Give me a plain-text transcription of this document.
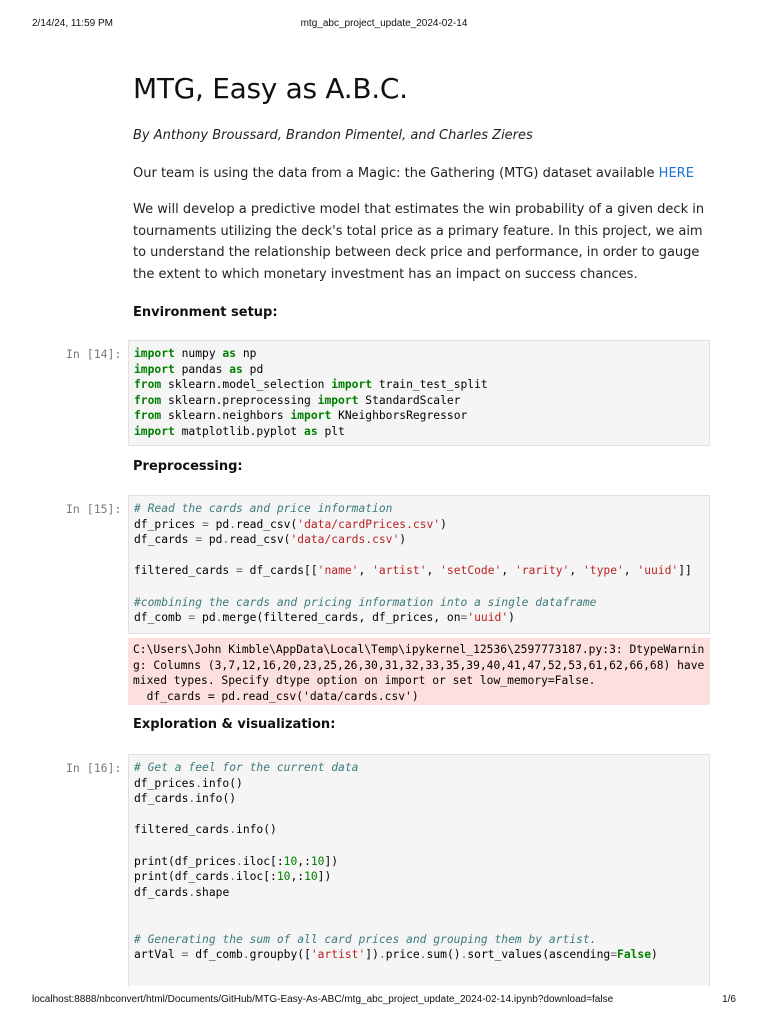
2/14/24, 11:59 PM	mtg_abc_project_update_2024-02-14
MTG, Easy as A.B.C.
By Anthony Broussard, Brandon Pimentel, and Charles Zieres
Our team is using the data from a Magic: the Gathering (MTG) dataset available HERE
We will develop a predictive model that estimates the win probability of a given deck in tournaments utilizing the deck's total price as a primary feature. In this project, we aim to understand the relationship between deck price and performance, in order to gauge the extent to which monetary investment has an impact on success chances.
Environment setup:
In [14]:	import numpy as np
import pandas as pd
from sklearn.model_selection import train_test_split
from sklearn.preprocessing import StandardScaler
from sklearn.neighbors import KNeighborsRegressor
import matplotlib.pyplot as plt
Preprocessing:
In [15]:	# Read the cards and price information
df_prices = pd.read_csv('data/cardPrices.csv')
df_cards = pd.read_csv('data/cards.csv')

filtered_cards = df_cards[['name', 'artist', 'setCode', 'rarity', 'type', 'uuid']]

#combining the cards and pricing information into a single dataframe
df_comb = pd.merge(filtered_cards, df_prices, on='uuid')
C:\Users\John Kimble\AppData\Local\Temp\ipykernel_12536\2597773187.py:3: DtypeWarnin
g: Columns (3,7,12,16,20,23,25,26,30,31,32,33,35,39,40,41,47,52,53,61,62,66,68) have
mixed types. Specify dtype option on import or set low_memory=False.
df_cards = pd.read_csv('data/cards.csv')
Exploration & visualization:
In [16]:	# Get a feel for the current data
df_prices.info()
df_cards.info()

filtered_cards.info()

print(df_prices.iloc[:10,:10])
print(df_cards.iloc[:10,:10])
df_cards.shape

# Generating the sum of all card prices and grouping them by artist.
artVal = df_comb.groupby(['artist']).price.sum().sort_values(ascending=False)
localhost:8888/nbconvert/html/Documents/GitHub/MTG-Easy-As-ABC/mtg_abc_project_update_2024-02-14.ipynb?download=false	1/6
